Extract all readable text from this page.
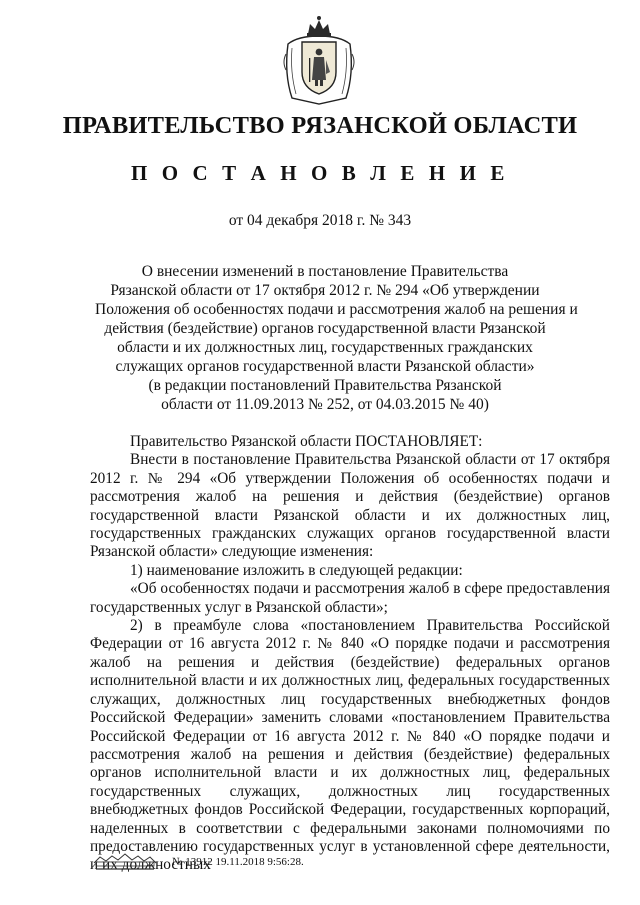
ПРАВИТЕЛЬСТВО РЯЗАНСКОЙ ОБЛАСТИ
П О С Т А Н О В Л Е Н И Е
от 04 декабря 2018 г. № 343
О внесении изменений в постановление Правительства
Рязанской области от 17 октября 2012 г. № 294 «Об утверждении
Положения об особенностях подачи и рассмотрения жалоб на решения и
действия (бездействие) органов государственной власти Рязанской
области и их должностных лиц, государственных гражданских
служащих органов государственной власти Рязанской области»
(в редакции постановлений Правительства Рязанской
области от 11.09.2013 № 252, от 04.03.2015 № 40)

Правительство Рязанской области ПОСТАНОВЛЯЕТ:

Внести в постановление Правительства Рязанской области от 17 октября 2012 г. № 294 «Об утверждении Положения об особенностях подачи и рассмотрения жалоб на решения и действия (бездействие) органов государственной власти Рязанской области и их должностных лиц, государственных гражданских служащих органов государственной власти Рязанской области» следующие изменения:

1) наименование изложить в следующей редакции:

«Об особенностях подачи и рассмотрения жалоб в сфере предоставления государственных услуг в Рязанской области»;

2) в преамбуле слова «постановлением Правительства Российской Федерации от 16 августа 2012 г. № 840 «О порядке подачи и рассмотрения жалоб на решения и действия (бездействие) федеральных органов исполнительной власти и их должностных лиц, федеральных государственных служащих, должностных лиц государственных внебюджетных фондов Российской Федерации» заменить словами «постановлением Правительства Российской Федерации от 16 августа 2012 г. № 840 «О порядке подачи и рассмотрения жалоб на решения и действия (бездействие) федеральных органов исполнительной власти и их должностных лиц, федеральных государственных служащих, должностных лиц государственных внебюджетных фондов Российской Федерации, государственных корпораций, наделенных в соответствии с федеральными законами полномочиями по предоставлению государственных услуг в установленной сфере деятельности, и их должностных

№ 13912 19.11.2018 9:56:28.
